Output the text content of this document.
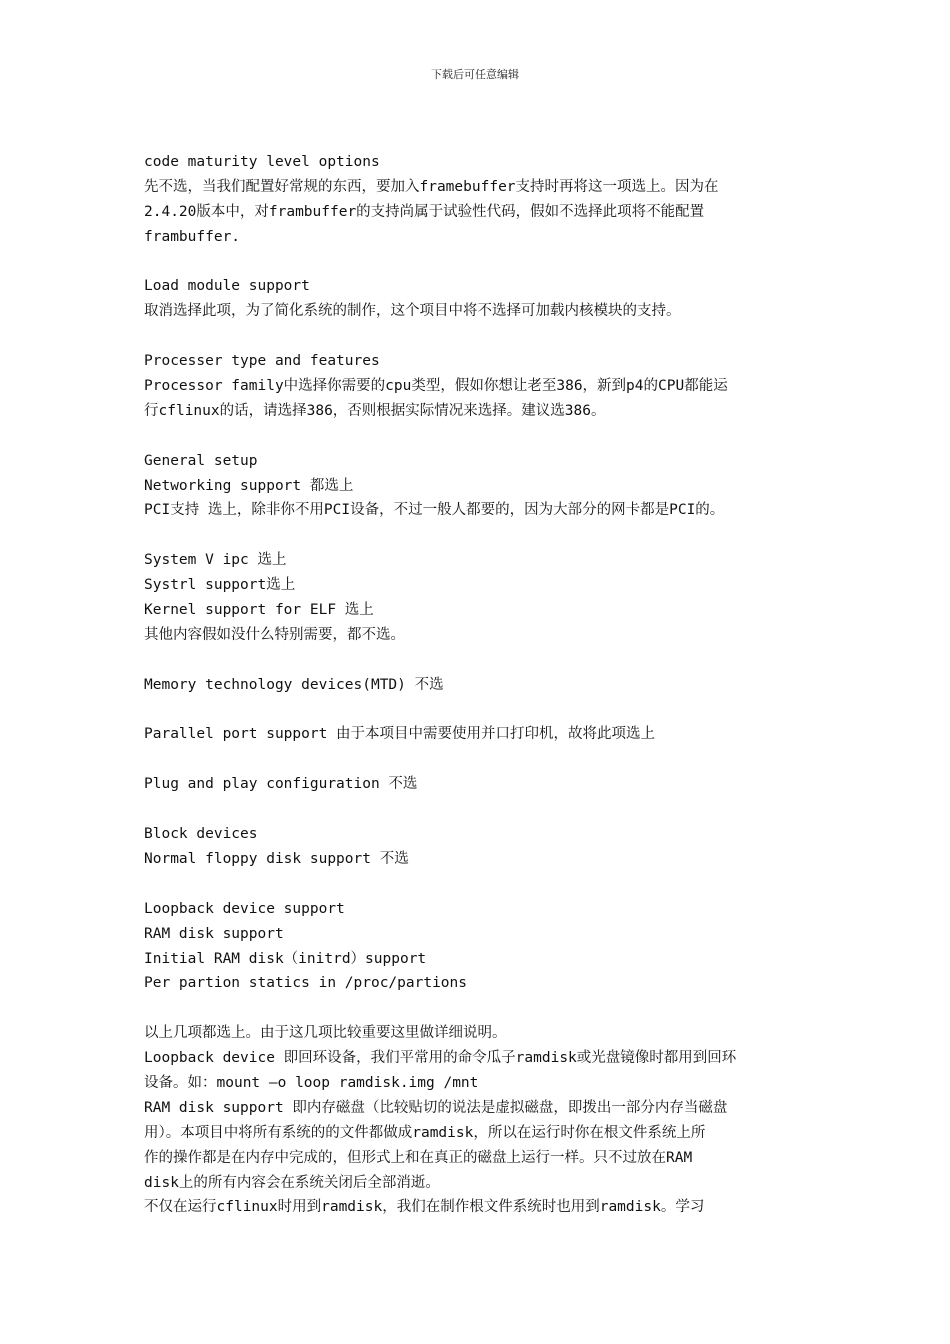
下载后可任意编辑
code maturity level options
先不选，当我们配置好常规的东西，要加入framebuffer支持时再将这一项选上。因为在
2.4.20版本中，对frambuffer的支持尚属于试验性代码，假如不选择此项将不能配置
frambuffer.
Load module support
取消选择此项，为了简化系统的制作，这个项目中将不选择可加载内核模块的支持。
Processer type and features
Processor family中选择你需要的cpu类型，假如你想让老至386，新到p4的CPU都能运
行cflinux的话，请选择386，否则根据实际情况来选择。建议选386。
General setup
Networking support 都选上
PCI支持 选上，除非你不用PCI设备，不过一般人都要的，因为大部分的网卡都是PCI的。
System V ipc 选上
Systrl support选上
Kernel support for ELF 选上
其他内容假如没什么特别需要，都不选。
Memory technology devices(MTD) 不选
Parallel port support 由于本项目中需要使用并口打印机，故将此项选上
Plug and play configuration 不选
Block devices
Normal floppy disk support 不选
Loopback device support
RAM disk support
Initial RAM disk（initrd）support
Per partion statics in /proc/partions
以上几项都选上。由于这几项比较重要这里做详细说明。
Loopback device 即回环设备，我们平常用的命令瓜子ramdisk或光盘镜像时都用到回环
设备。如：mount –o loop ramdisk.img /mnt
RAM disk support 即内存磁盘（比较贴切的说法是虚拟磁盘，即拨出一部分内存当磁盘
用）。本项目中将所有系统的的文件都做成ramdisk，所以在运行时你在根文件系统上所
作的操作都是在内存中完成的，但形式上和在真正的磁盘上运行一样。只不过放在RAM
disk上的所有内容会在系统关闭后全部消逝。
不仅在运行cflinux时用到ramdisk，我们在制作根文件系统时也用到ramdisk。学习
